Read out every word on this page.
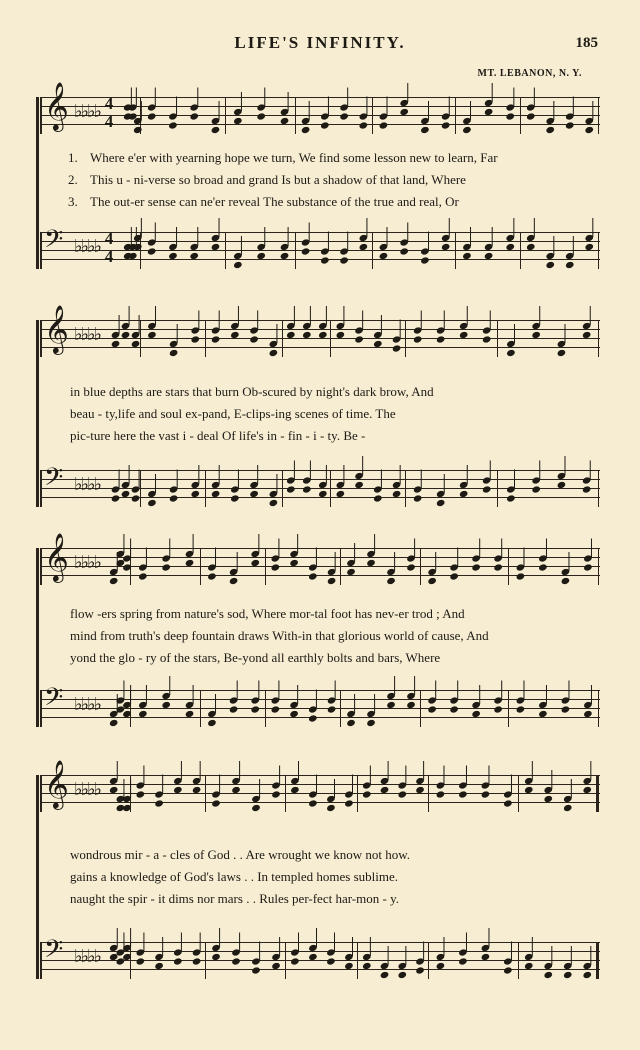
LIFE'S INFINITY.	185
MT. LEBANON, N. Y.
𝄞 ♭♭♭♭ 4
4
𝄢 ♭♭♭♭ 4
4
1. Where e'er with yearning hope we turn, We find some lesson new to learn, Far
2. This u - ni-verse so broad and grand Is but a shadow of that land, Where
3. The out-er sense can ne'er reveal The substance of the true and real, Or
𝄞 ♭♭♭♭
𝄢 ♭♭♭♭
in blue depths are stars that burn Ob-scured by night's dark brow, And
beau - ty,life and soul ex-pand, E-clips-ing scenes of time. The
pic-ture here the vast i - deal Of life's in - fin - i - ty. Be -
𝄞 ♭♭♭♭
𝄢 ♭♭♭♭
flow -ers spring from nature's sod, Where mor-tal foot has nev-er trod ; And
mind from truth's deep fountain draws With-in that glorious world of cause, And
yond the glo - ry of the stars, Be-yond all earthly bolts and bars, Where
𝄞 ♭♭♭♭
𝄢 ♭♭♭♭
wondrous mir - a - cles of God . . Are wrought we know not how.
gains a knowledge of God's laws . . In templed homes sublime.
naught the spir - it dims nor mars . . Rules per-fect har-mon - y.
